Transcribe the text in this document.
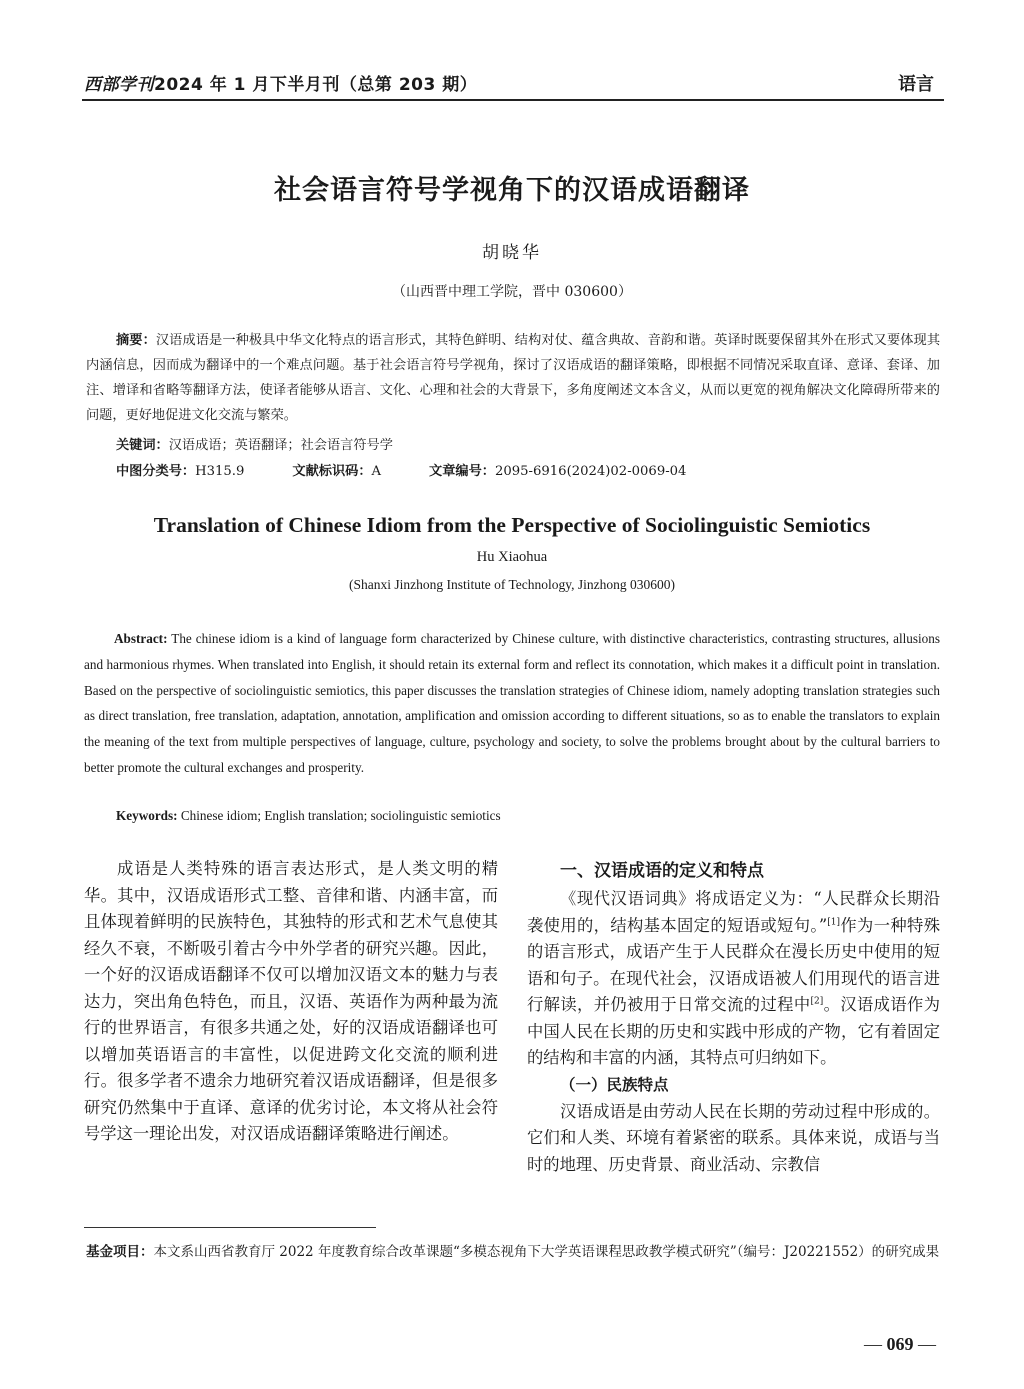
西部学刊2024 年 1 月下半月刊（总第 203 期）	语言
社会语言符号学视角下的汉语成语翻译
胡晓华
（山西晋中理工学院，晋中 030600）
摘要：汉语成语是一种极具中华文化特点的语言形式，其特色鲜明、结构对仗、蕴含典故、音韵和谐。英译时既要保留其外在形式又要体现其内涵信息，因而成为翻译中的一个难点问题。基于社会语言符号学视角，探讨了汉语成语的翻译策略，即根据不同情况采取直译、意译、套译、加注、增译和省略等翻译方法，使译者能够从语言、文化、心理和社会的大背景下，多角度阐述文本含义，从而以更宽的视角解决文化障碍所带来的问题，更好地促进文化交流与繁荣。
关键词：汉语成语；英语翻译；社会语言符号学
中图分类号：H315.9	文献标识码：A	文章编号：2095-6916(2024)02-0069-04
Translation of Chinese Idiom from the Perspective of Sociolinguistic Semiotics
Hu Xiaohua
(Shanxi Jinzhong Institute of Technology, Jinzhong 030600)
Abstract: The chinese idiom is a kind of language form characterized by Chinese culture, with distinctive characteristics, contrasting structures, allusions and harmonious rhymes. When translated into English, it should retain its external form and reflect its connotation, which makes it a difficult point in translation. Based on the perspective of sociolinguistic semiotics, this paper discusses the translation strategies of Chinese idiom, namely adopting translation strategies such as direct translation, free translation, adaptation, annotation, amplification and omission according to different situations, so as to enable the translators to explain the meaning of the text from multiple perspectives of language, culture, psychology and society, to solve the problems brought about by the cultural barriers to better promote the cultural exchanges and prosperity.
Keywords: Chinese idiom; English translation; sociolinguistic semiotics

成语是人类特殊的语言表达形式，是人类文明的精华。其中，汉语成语形式工整、音律和谐、内涵丰富，而且体现着鲜明的民族特色，其独特的形式和艺术气息使其经久不衰，不断吸引着古今中外学者的研究兴趣。因此，一个好的汉语成语翻译不仅可以增加汉语文本的魅力与表达力，突出角色特色，而且，汉语、英语作为两种最为流行的世界语言，有很多共通之处，好的汉语成语翻译也可以增加英语语言的丰富性，以促进跨文化交流的顺利进行。很多学者不遗余力地研究着汉语成语翻译，但是很多研究仍然集中于直译、意译的优劣讨论，本文将从社会符号学这一理论出发，对汉语成语翻译策略进行阐述。

一、汉语成语的定义和特点

《现代汉语词典》将成语定义为：“人民群众长期沿袭使用的，结构基本固定的短语或短句。”[1]作为一种特殊的语言形式，成语产生于人民群众在漫长历史中使用的短语和句子。在现代社会，汉语成语被人们用现代的语言进行解读，并仍被用于日常交流的过程中[2]。汉语成语作为中国人民在长期的历史和实践中形成的产物，它有着固定的结构和丰富的内涵，其特点可归纳如下。

（一）民族特点

汉语成语是由劳动人民在长期的劳动过程中形成的。它们和人类、环境有着紧密的联系。具体来说，成语与当时的地理、历史背景、商业活动、宗教信

基金项目：本文系山西省教育厅 2022 年度教育综合改革课题“多模态视角下大学英语课程思政教学模式研究”（编号：J20221552）的研究成果
— 069 —
